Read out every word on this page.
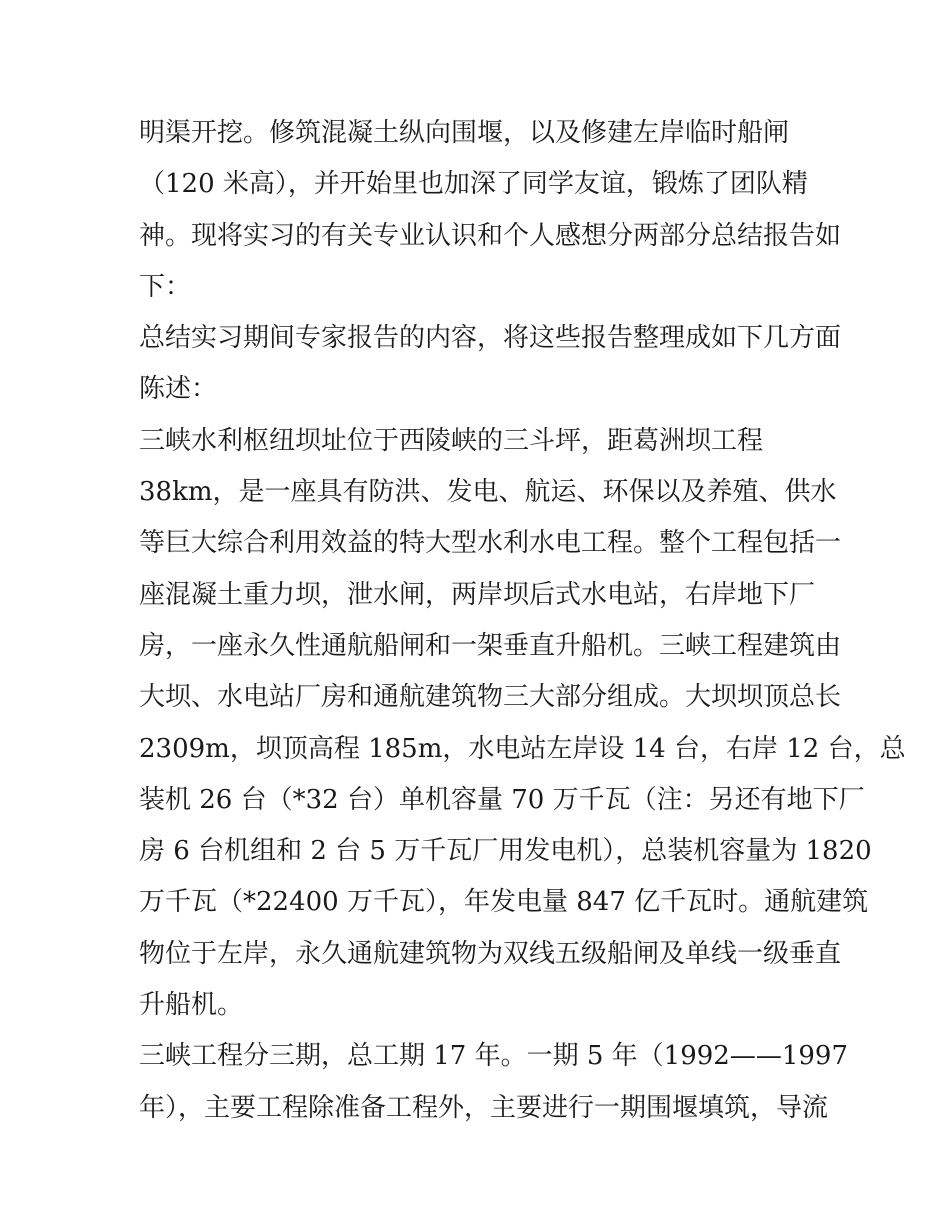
明渠开挖。修筑混凝土纵向围堰，以及修建左岸临时船闸
（120 米高），并开始里也加深了同学友谊，锻炼了团队精
神。现将实习的有关专业认识和个人感想分两部分总结报告如
下：
总结实习期间专家报告的内容，将这些报告整理成如下几方面
陈述：
三峡水利枢纽坝址位于西陵峡的三斗坪，距葛洲坝工程
38km，是一座具有防洪、发电、航运、环保以及养殖、供水
等巨大综合利用效益的特大型水利水电工程。整个工程包括一
座混凝土重力坝，泄水闸，两岸坝后式水电站，右岸地下厂
房，一座永久性通航船闸和一架垂直升船机。三峡工程建筑由
大坝、水电站厂房和通航建筑物三大部分组成。大坝坝顶总长
2309m，坝顶高程 185m，水电站左岸设 14 台，右岸 12 台，总
装机 26 台（*32 台）单机容量 70 万千瓦（注：另还有地下厂
房 6 台机组和 2 台 5 万千瓦厂用发电机），总装机容量为 1820
万千瓦（*22400 万千瓦），年发电量 847 亿千瓦时。通航建筑
物位于左岸，永久通航建筑物为双线五级船闸及单线一级垂直
升船机。
三峡工程分三期，总工期 17 年。一期 5 年（1992——1997
年），主要工程除准备工程外，主要进行一期围堰填筑，导流
